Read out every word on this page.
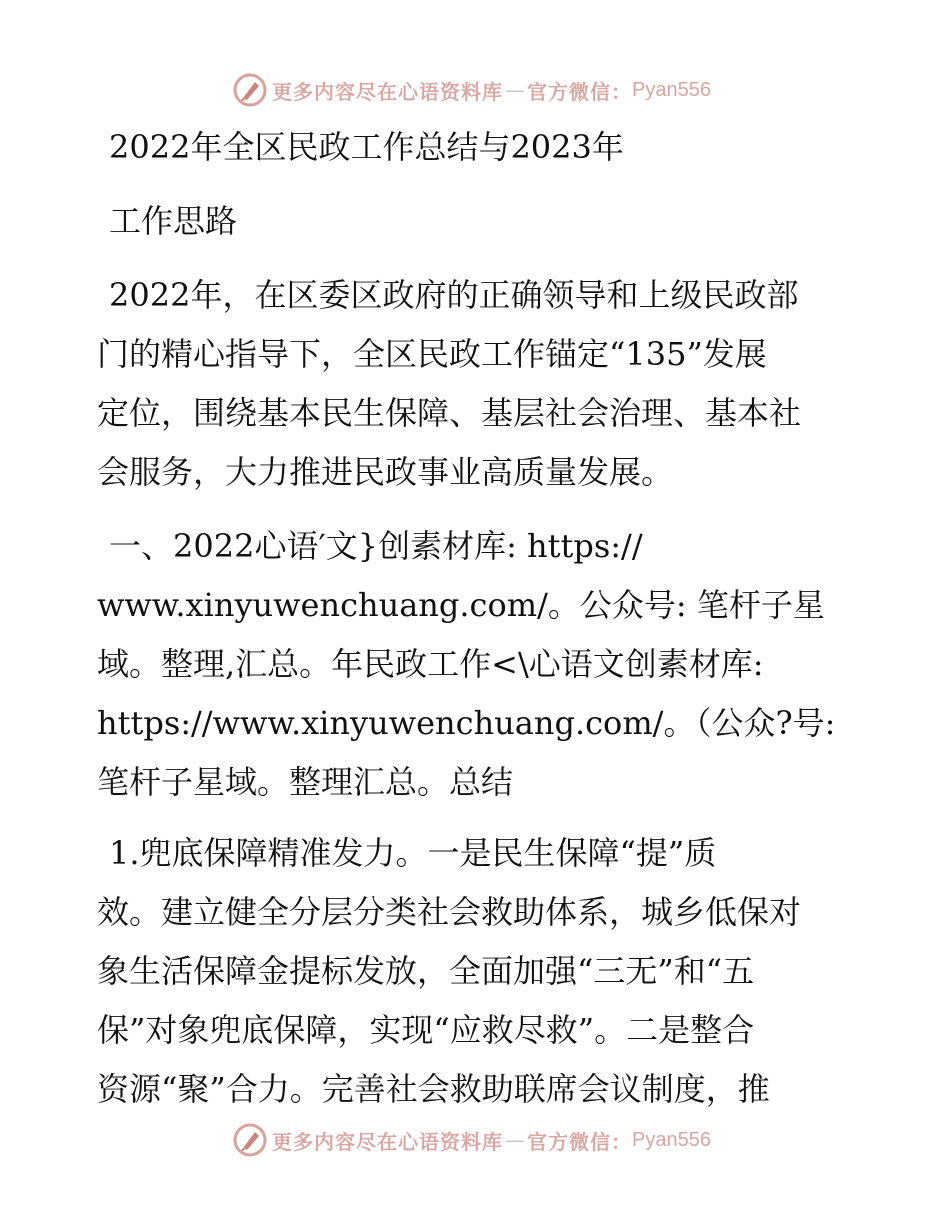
更多内容尽在心语资料库 — 官方微信： Pyan556
2022年全区民政工作总结与2023年
工作思路
2022年，在区委区政府的正确领导和上级民政部
门的精心指导下，全区民政工作锚定“135”发展
定位，围绕基本民生保障、基层社会治理、基本社
会服务，大力推进民政事业高质量发展。
一、2022心语′文}创素材库: https://
www.xinyuwenchuang.com/。公众号: 笔杆子星
域。整理,汇总。年民政工作<\心语文创素材库:
https://www.xinyuwenchuang.com/。（公众?号:
笔杆子星域。整理汇总。总结
1.兜底保障精准发力。一是民生保障“提”质
效。建立健全分层分类社会救助体系，城乡低保对
象生活保障金提标发放，全面加强“三无”和“五
保”对象兜底保障，实现“应救尽救”。二是整合
资源“聚”合力。完善社会救助联席会议制度，推
更多内容尽在心语资料库 — 官方微信： Pyan556
